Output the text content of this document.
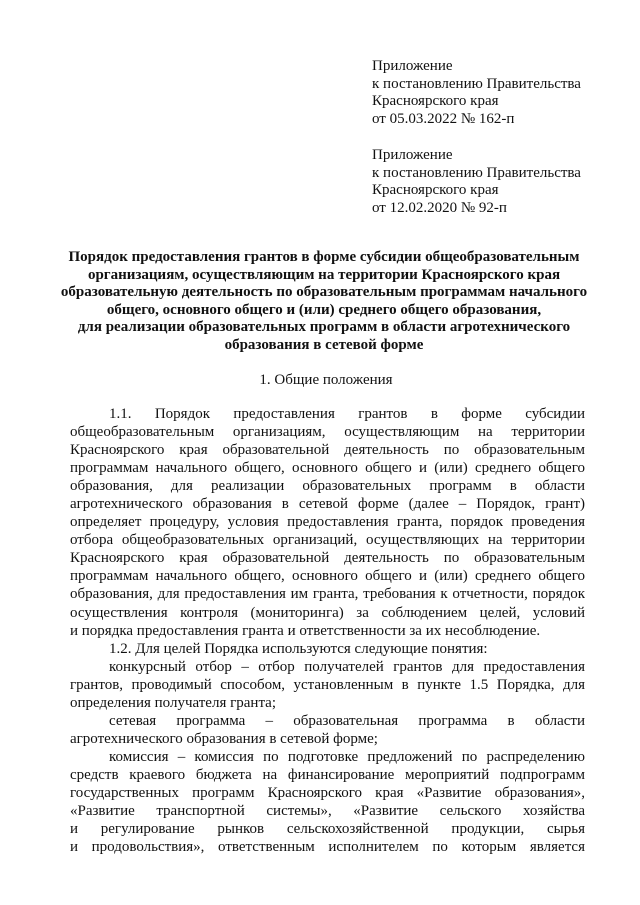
Приложение
к постановлению Правительства
Красноярского края
от 05.03.2022 № 162-п
Приложение
к постановлению Правительства
Красноярского края
от 12.02.2020 № 92-п
Порядок предоставления грантов в форме субсидии общеобразовательным
организациям, осуществляющим на территории Красноярского края
образовательную деятельность по образовательным программам начального
общего, основного общего и (или) среднего общего образования,
для реализации образовательных программ в области агротехнического
образования в сетевой форме
1. Общие положения
1.1. Порядок предоставления грантов в форме субсидии
общеобразовательным организациям, осуществляющим на территории
Красноярского края образовательной деятельность по образовательным
программам начального общего, основного общего и (или) среднего общего
образования, для реализации образовательных программ в области
агротехнического образования в сетевой форме (далее – Порядок, грант)
определяет процедуру, условия предоставления гранта, порядок проведения
отбора общеобразовательных организаций, осуществляющих на территории
Красноярского края образовательной деятельность по образовательным
программам начального общего, основного общего и (или) среднего общего
образования, для предоставления им гранта, требования к отчетности, порядок
осуществления контроля (мониторинга) за соблюдением целей, условий
и порядка предоставления гранта и ответственности за их несоблюдение.
1.2. Для целей Порядка используются следующие понятия:
конкурсный отбор – отбор получателей грантов для предоставления
грантов, проводимый способом, установленным в пункте 1.5 Порядка, для
определения получателя гранта;
сетевая программа – образовательная программа в области
агротехнического образования в сетевой форме;
комиссия – комиссия по подготовке предложений по распределению
средств краевого бюджета на финансирование мероприятий подпрограмм
государственных программ Красноярского края «Развитие образования»,
«Развитие транспортной системы», «Развитие сельского хозяйства
и регулирование рынков сельскохозяйственной продукции, сырья
и продовольствия», ответственным исполнителем по которым является
